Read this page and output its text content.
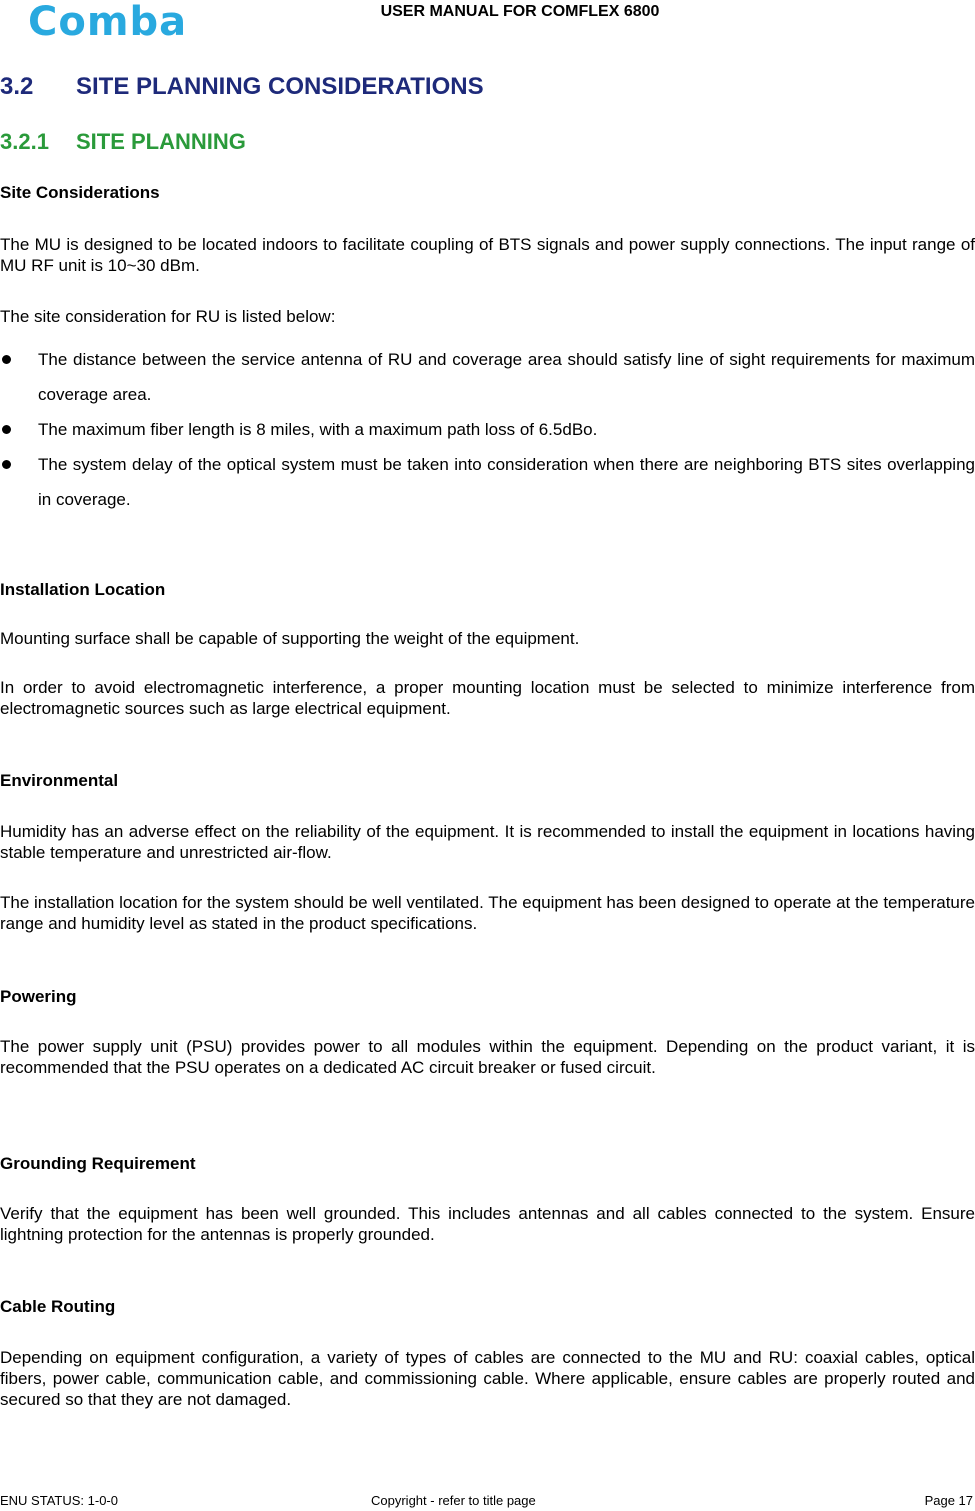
Comba	USER MANUAL FOR COMFLEX 6800
3.2 SITE PLANNING CONSIDERATIONS
3.2.1 SITE PLANNING

Site Considerations

The MU is designed to be located indoors to facilitate coupling of BTS signals and power supply connections. The input range of MU RF unit is 10~30 dBm.

The site consideration for RU is listed below:

The distance between the service antenna of RU and coverage area should satisfy line of sight requirements for maximum coverage area.
The maximum fiber length is 8 miles, with a maximum path loss of 6.5dBo.
The system delay of the optical system must be taken into consideration when there are neighboring BTS sites overlapping in coverage.

Installation Location

Mounting surface shall be capable of supporting the weight of the equipment.

In order to avoid electromagnetic interference, a proper mounting location must be selected to minimize interference from electromagnetic sources such as large electrical equipment.

Environmental

Humidity has an adverse effect on the reliability of the equipment. It is recommended to install the equipment in locations having stable temperature and unrestricted air-flow.

The installation location for the system should be well ventilated. The equipment has been designed to operate at the temperature range and humidity level as stated in the product specifications.

Powering

The power supply unit (PSU) provides power to all modules within the equipment. Depending on the product variant, it is recommended that the PSU operates on a dedicated AC circuit breaker or fused circuit.

Grounding Requirement

Verify that the equipment has been well grounded. This includes antennas and all cables connected to the system. Ensure lightning protection for the antennas is properly grounded.

Cable Routing

Depending on equipment configuration, a variety of types of cables are connected to the MU and RU: coaxial cables, optical fibers, power cable, communication cable, and commissioning cable. Where applicable, ensure cables are properly routed and secured so that they are not damaged.

ENU STATUS: 1-0-0	Copyright - refer to title page	Page 17
